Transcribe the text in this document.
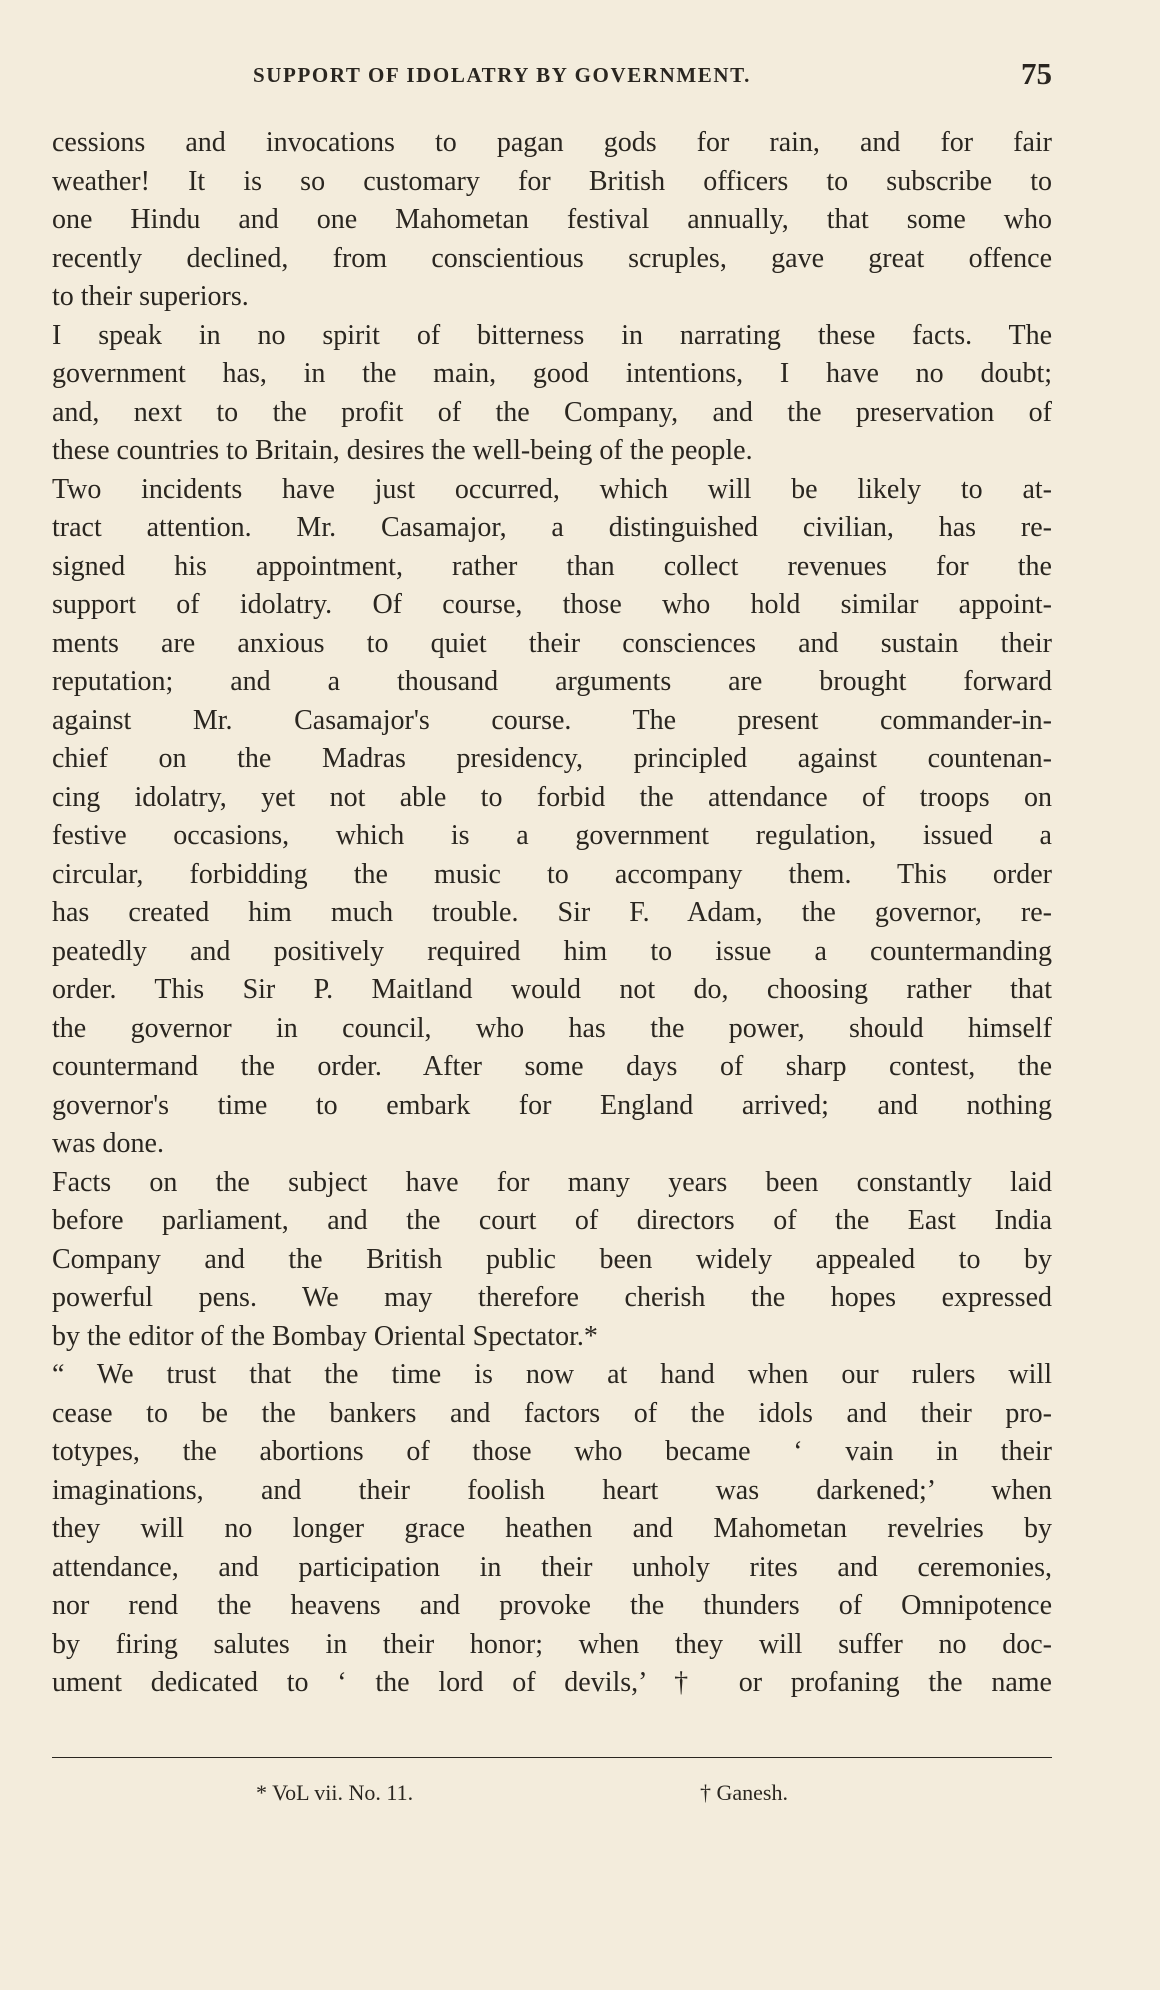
SUPPORT OF IDOLATRY BY GOVERNMENT.	75
cessions and invocations to pagan gods for rain, and for fair
weather! It is so customary for British officers to subscribe to
one Hindu and one Mahometan festival annually, that some who
recently declined, from conscientious scruples, gave great offence
to their superiors.
I speak in no spirit of bitterness in narrating these facts. The
government has, in the main, good intentions, I have no doubt;
and, next to the profit of the Company, and the preservation of
these countries to Britain, desires the well-being of the people.
Two incidents have just occurred, which will be likely to at-
tract attention. Mr. Casamajor, a distinguished civilian, has re-
signed his appointment, rather than collect revenues for the
support of idolatry. Of course, those who hold similar appoint-
ments are anxious to quiet their consciences and sustain their
reputation; and a thousand arguments are brought forward
against Mr. Casamajor's course. The present commander-in-
chief on the Madras presidency, principled against countenan-
cing idolatry, yet not able to forbid the attendance of troops on
festive occasions, which is a government regulation, issued a
circular, forbidding the music to accompany them. This order
has created him much trouble. Sir F. Adam, the governor, re-
peatedly and positively required him to issue a countermanding
order. This Sir P. Maitland would not do, choosing rather that
the governor in council, who has the power, should himself
countermand the order. After some days of sharp contest, the
governor's time to embark for England arrived; and nothing
was done.
Facts on the subject have for many years been constantly laid
before parliament, and the court of directors of the East India
Company and the British public been widely appealed to by
powerful pens. We may therefore cherish the hopes expressed
by the editor of the Bombay Oriental Spectator.*
“ We trust that the time is now at hand when our rulers will
cease to be the bankers and factors of the idols and their pro-
totypes, the abortions of those who became ‘ vain in their
imaginations, and their foolish heart was darkened;’ when
they will no longer grace heathen and Mahometan revelries by
attendance, and participation in their unholy rites and ceremonies,
nor rend the heavens and provoke the thunders of Omnipotence
by firing salutes in their honor; when they will suffer no doc-
ument dedicated to ‘ the lord of devils,’ † or profaning the name
* VoL vii. No. 11.	† Ganesh.
